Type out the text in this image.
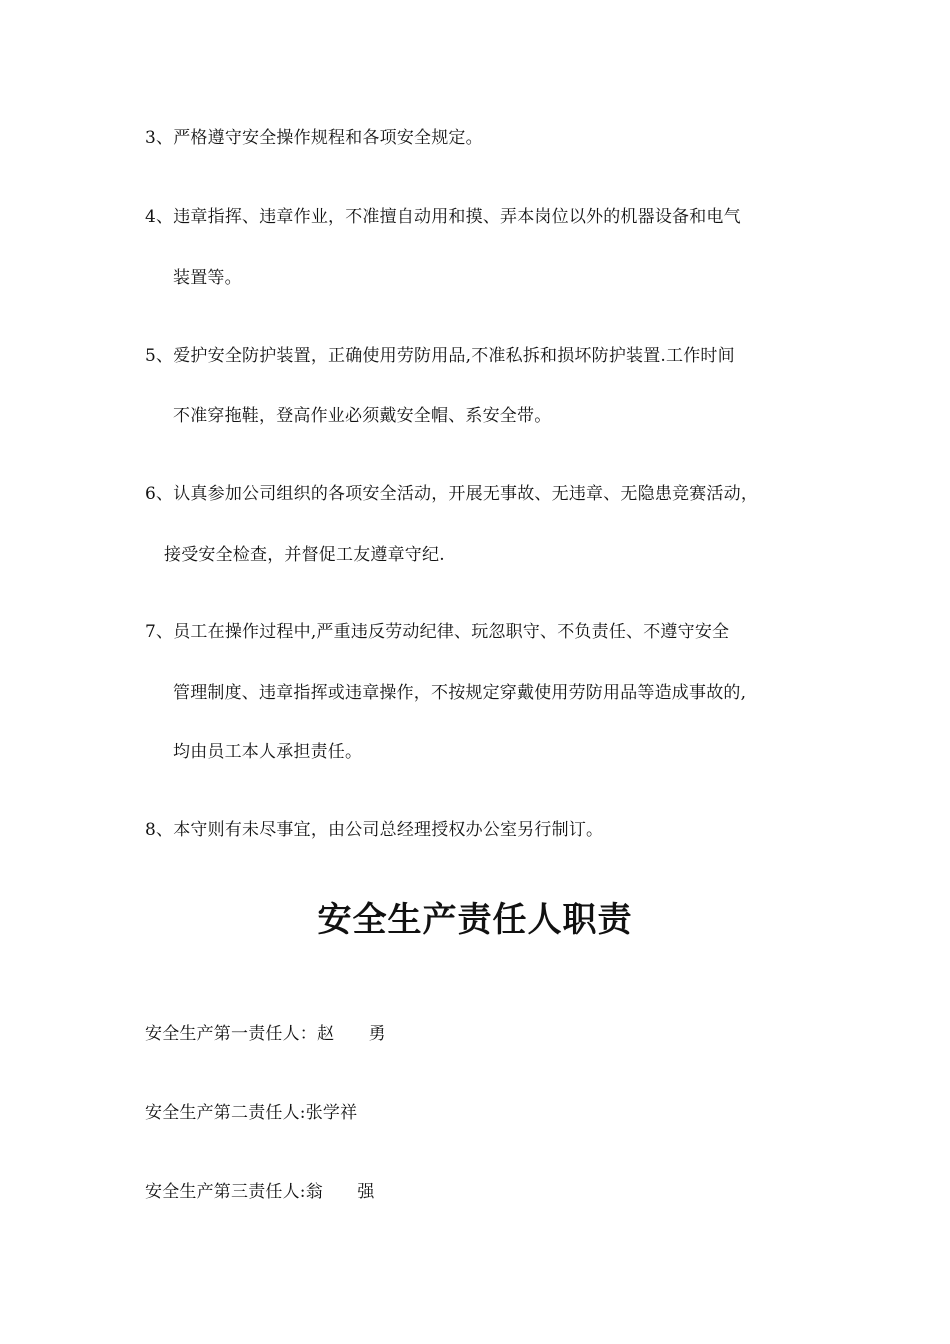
3、严格遵守安全操作规程和各项安全规定。
4、违章指挥、违章作业，不准擅自动用和摸、弄本岗位以外的机器设备和电气
装置等。
5、爱护安全防护装置，正确使用劳防用品,不准私拆和损坏防护装置.工作时间
不准穿拖鞋，登高作业必须戴安全帽、系安全带。
6、认真参加公司组织的各项安全活动，开展无事故、无违章、无隐患竞赛活动，
接受安全检查，并督促工友遵章守纪.
7、员工在操作过程中,严重违反劳动纪律、玩忽职守、不负责任、不遵守安全
管理制度、违章指挥或违章操作，不按规定穿戴使用劳防用品等造成事故的,
均由员工本人承担责任。
8、本守则有未尽事宜，由公司总经理授权办公室另行制订。
安全生产责任人职责
安全生产第一责任人：赵　　勇
安全生产第二责任人:张学祥
安全生产第三责任人:翁　　强
